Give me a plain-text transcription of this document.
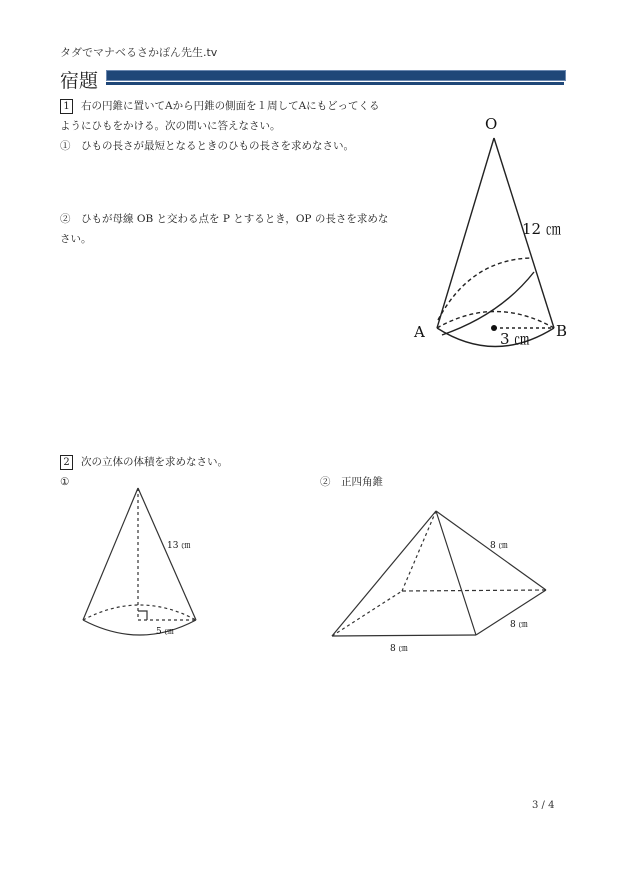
タダでマナベるさかぽん先生.tv
宿題
1 右の円錐に置いてAから円錐の側面を１周してAにもどってくる
ようにひもをかける。次の問いに答えなさい。
①　ひもの長さが最短となるときのひもの長さを求めなさい。
②　ひもが母線 OB と交わる点を P とするとき，OP の長さを求めな
さい。
O
12 ㎝
A	B
3 ㎝
2 次の立体の体積を求めなさい。
①	②　正四角錐
13 ㎝
5 ㎝
8 ㎝
8 ㎝
8 ㎝
3 / 4
